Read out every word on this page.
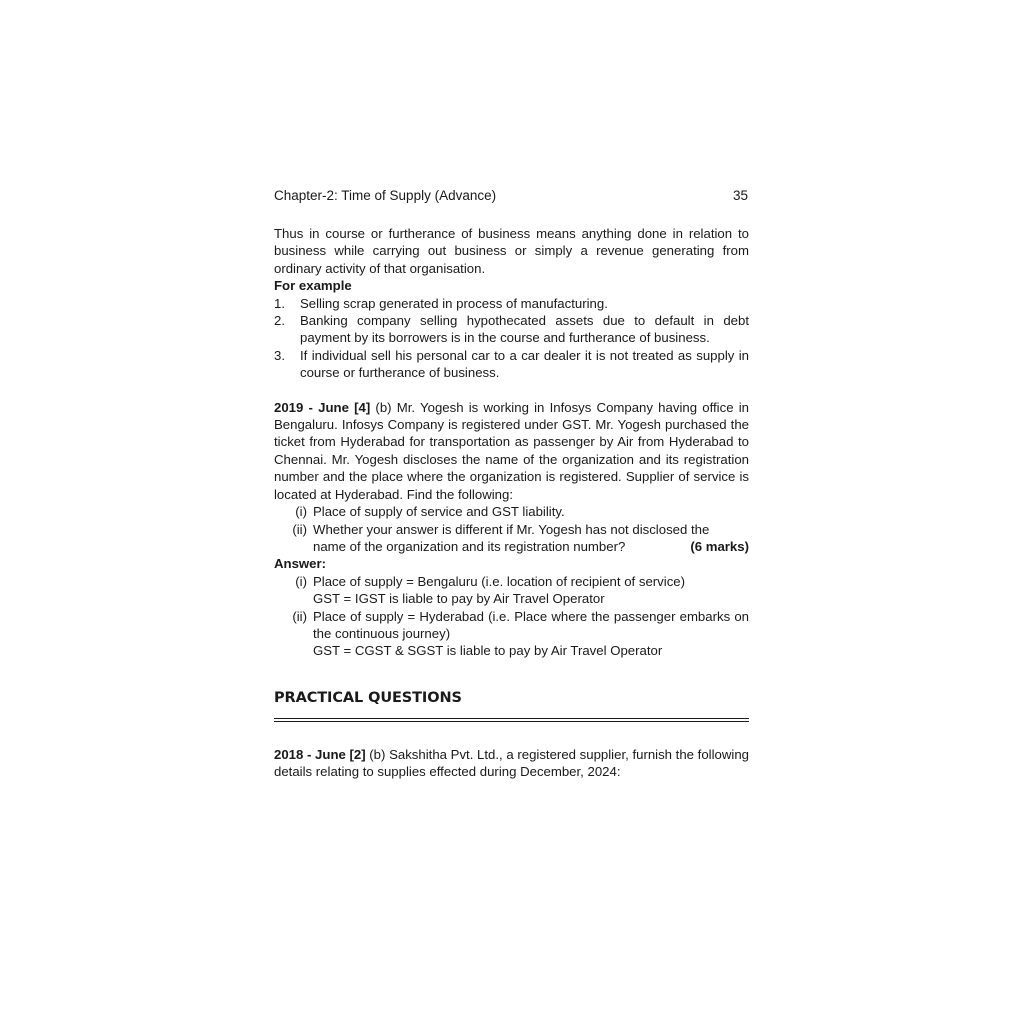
Chapter-2: Time of Supply (Advance)	35

Thus in course or furtherance of business means anything done in relation to business while carrying out business or simply a revenue generating from ordinary activity of that organisation.

For example

1.	Selling scrap generated in process of manufacturing.
2.	Banking company selling hypothecated assets due to default in debt payment by its borrowers is in the course and furtherance of business.
3.	If individual sell his personal car to a car dealer it is not treated as supply in course or furtherance of business.

2019 - June [4] (b) Mr. Yogesh is working in Infosys Company having office in Bengaluru. Infosys Company is registered under GST. Mr. Yogesh purchased the ticket from Hyderabad for transportation as passenger by Air from Hyderabad to Chennai. Mr. Yogesh discloses the name of the organization and its registration number and the place where the organization is registered. Supplier of service is located at Hyderabad. Find the following:

(i) Place of supply of service and GST liability.
(ii) Whether your answer is different if Mr. Yogesh has not disclosed the
name of the organization and its registration number?	(6 marks)

Answer:

(i) Place of supply = Bengaluru (i.e. location of recipient of service)
GST = IGST is liable to pay by Air Travel Operator
(ii) Place of supply = Hyderabad (i.e. Place where the passenger embarks on the continuous journey)
GST = CGST & SGST is liable to pay by Air Travel Operator
PRACTICAL QUESTIONS

2018 - June [2] (b) Sakshitha Pvt. Ltd., a registered supplier, furnish the following details relating to supplies effected during December, 2024:
